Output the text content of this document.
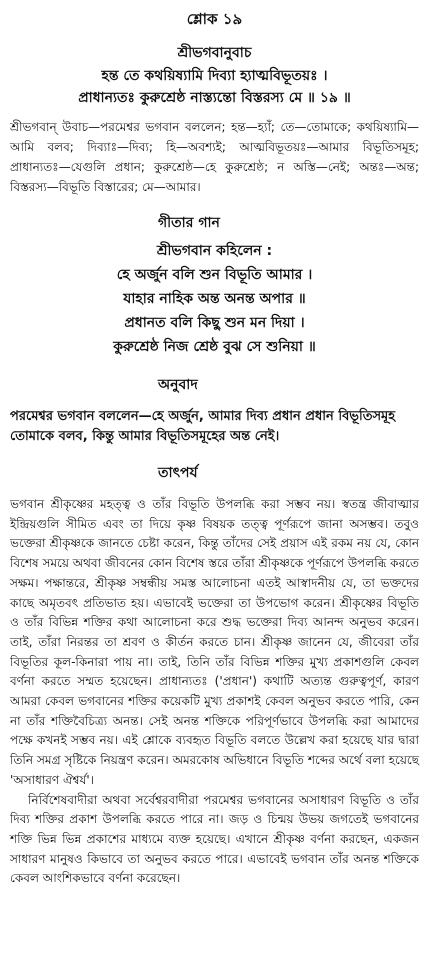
শ্লোক ১৯
শ্রীভগবানুবাচ
হন্ত তে কথয়িষ্যামি দিব্যা হ্যাত্মবিভূতয়ঃ ।
প্রাধান্যতঃ কুরুশ্রেষ্ঠ নাস্ত্যন্তো বিস্তরস্য মে ॥ ১৯ ॥
শ্রীভগবান্ উবাচ—পরমেশ্বর ভগবান বললেন; হন্ত—হ্যাঁ; তে—তোমাকে; কথয়িষ্যামি—আমি বলব; দিব্যাঃ—দিব্য; হি—অবশ্যই; আত্মবিভূতয়ঃ—আমার বিভূতিসমূহ; প্রাধান্যতঃ—যেগুলি প্রধান; কুরুশ্রেষ্ঠ—হে কুরুশ্রেষ্ঠ; ন অস্তি—নেই; অন্তঃ—অন্ত; বিস্তরস্য—বিভূতি বিস্তারের; মে—আমার।
গীতার গান
শ্রীভগবান কহিলেন :
হে অর্জুন বলি শুন বিভূতি আমার ।
যাহার নাহিক অন্ত অনন্ত অপার ॥
প্রধানত বলি কিছু শুন মন দিয়া ।
কুরুশ্রেষ্ঠ নিজ শ্রেষ্ঠ বুঝ সে শুনিয়া ॥
অনুবাদ
পরমেশ্বর ভগবান বললেন—হে অর্জুন, আমার দিব্য প্রধান প্রধান বিভূতিসমূহ তোমাকে বলব, কিন্তু আমার বিভূতিসমূহের অন্ত নেই।
তাৎপর্য

ভগবান শ্রীকৃষ্ণের মহত্ত্ব ও তাঁর বিভূতি উপলব্ধি করা সম্ভব নয়। স্বতন্ত্র জীবাত্মার ইন্দ্রিয়গুলি সীমিত এবং তা দিয়ে কৃষ্ণ বিষয়ক তত্ত্ব পূর্ণরূপে জানা অসম্ভব। তবুও ভক্তেরা শ্রীকৃষ্ণকে জানতে চেষ্টা করেন, কিন্তু তাঁদের সেই প্রয়াস এই রকম নয় যে, কোন বিশেষ সময়ে অথবা জীবনের কোন বিশেষ স্তরে তাঁরা শ্রীকৃষ্ণকে পূর্ণরূপে উপলব্ধি করতে সক্ষম। পক্ষান্তরে, শ্রীকৃষ্ণ সম্বন্ধীয় সমস্ত আলোচনা এতই আস্বাদনীয় যে, তা ভক্তদের কাছে অমৃতবৎ প্রতিভাত হয়। এভাবেই ভক্তেরা তা উপভোগ করেন। শ্রীকৃষ্ণের বিভূতি ও তাঁর বিভিন্ন শক্তির কথা আলোচনা করে শুদ্ধ ভক্তেরা দিব্য আনন্দ অনুভব করেন। তাই, তাঁরা নিরন্তর তা শ্রবণ ও কীর্তন করতে চান। শ্রীকৃষ্ণ জানেন যে, জীবেরা তাঁর বিভূতির কূল-কিনারা পায় না। তাই, তিনি তাঁর বিভিন্ন শক্তির মুখ্য প্রকাশগুলি কেবল বর্ণনা করতে সম্মত হয়েছেন। প্রাধান্যতঃ ('প্রধান') কথাটি অত্যন্ত গুরুত্বপূর্ণ, কারণ আমরা কেবল ভগবানের শক্তির কয়েকটি মুখ্য প্রকাশই কেবল অনুভব করতে পারি, কেন না তাঁর শক্তিবৈচিত্র্য অনন্ত। সেই অনন্ত শক্তিকে পরিপূর্ণভাবে উপলব্ধি করা আমাদের পক্ষে কখনই সম্ভব নয়। এই শ্লোকে ব্যবহৃত বিভূতি বলতে উল্লেখ করা হয়েছে যার দ্বারা তিনি সমগ্র সৃষ্টিকে নিয়ন্ত্রণ করেন। অমরকোষ অভিধানে বিভূতি শব্দের অর্থে বলা হয়েছে 'অসাধারণ ঐশ্বর্য'।

নির্বিশেষবাদীরা অথবা সর্বেশ্বরবাদীরা পরমেশ্বর ভগবানের অসাধারণ বিভূতি ও তাঁর দিব্য শক্তির প্রকাশ উপলব্ধি করতে পারে না। জড় ও চিন্ময় উভয় জগতেই ভগবানের শক্তি ভিন্ন ভিন্ন প্রকাশের মাধ্যমে ব্যক্ত হয়েছে। এখানে শ্রীকৃষ্ণ বর্ণনা করছেন, একজন সাধারণ মানুষও কিভাবে তা অনুভব করতে পারে। এভাবেই ভগবান তাঁর অনন্ত শক্তিকে কেবল আংশিকভাবে বর্ণনা করেছেন।
